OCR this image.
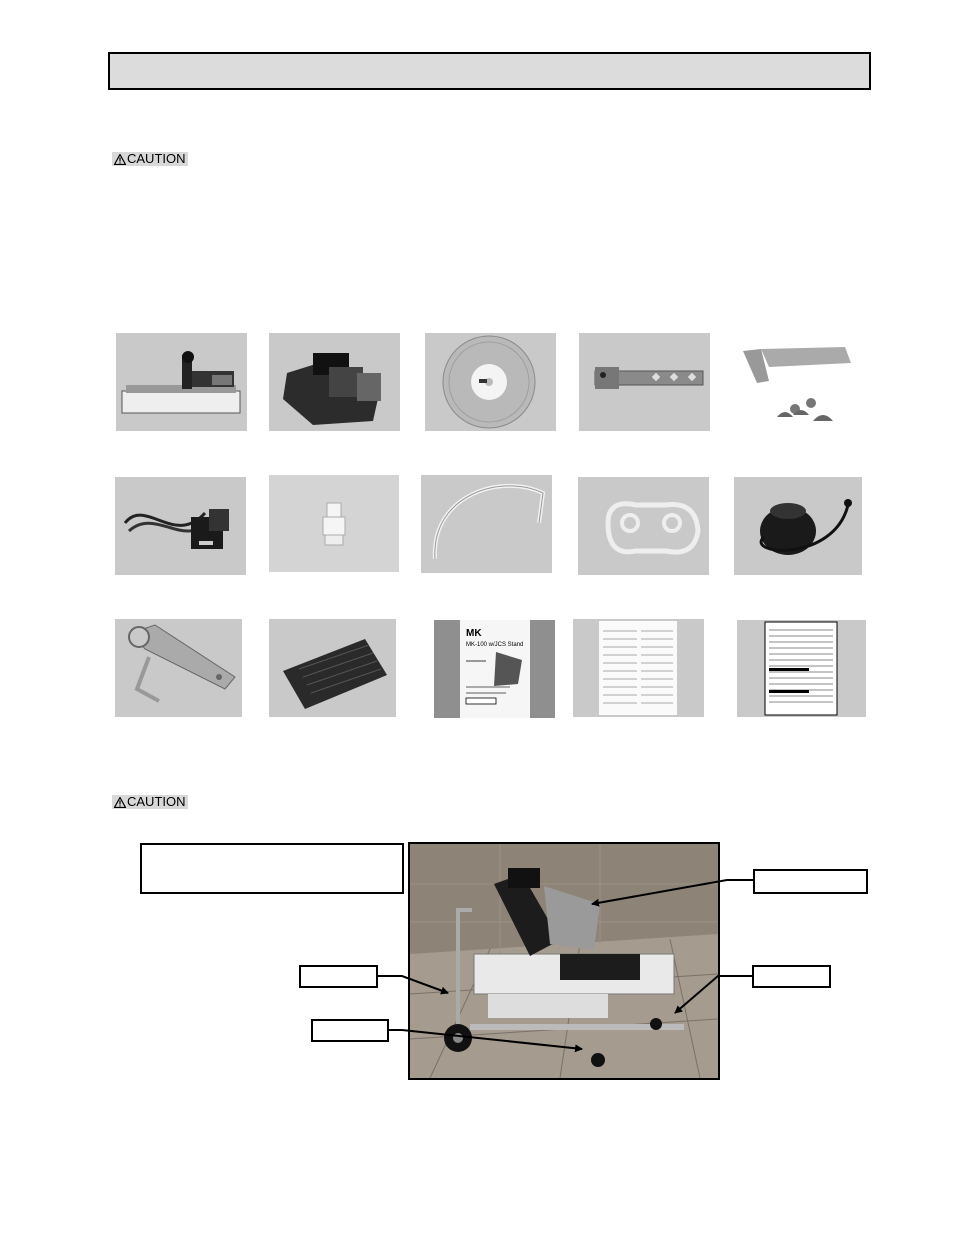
CAUTION
MK
MK-100 w/JCS Stand
CAUTION
